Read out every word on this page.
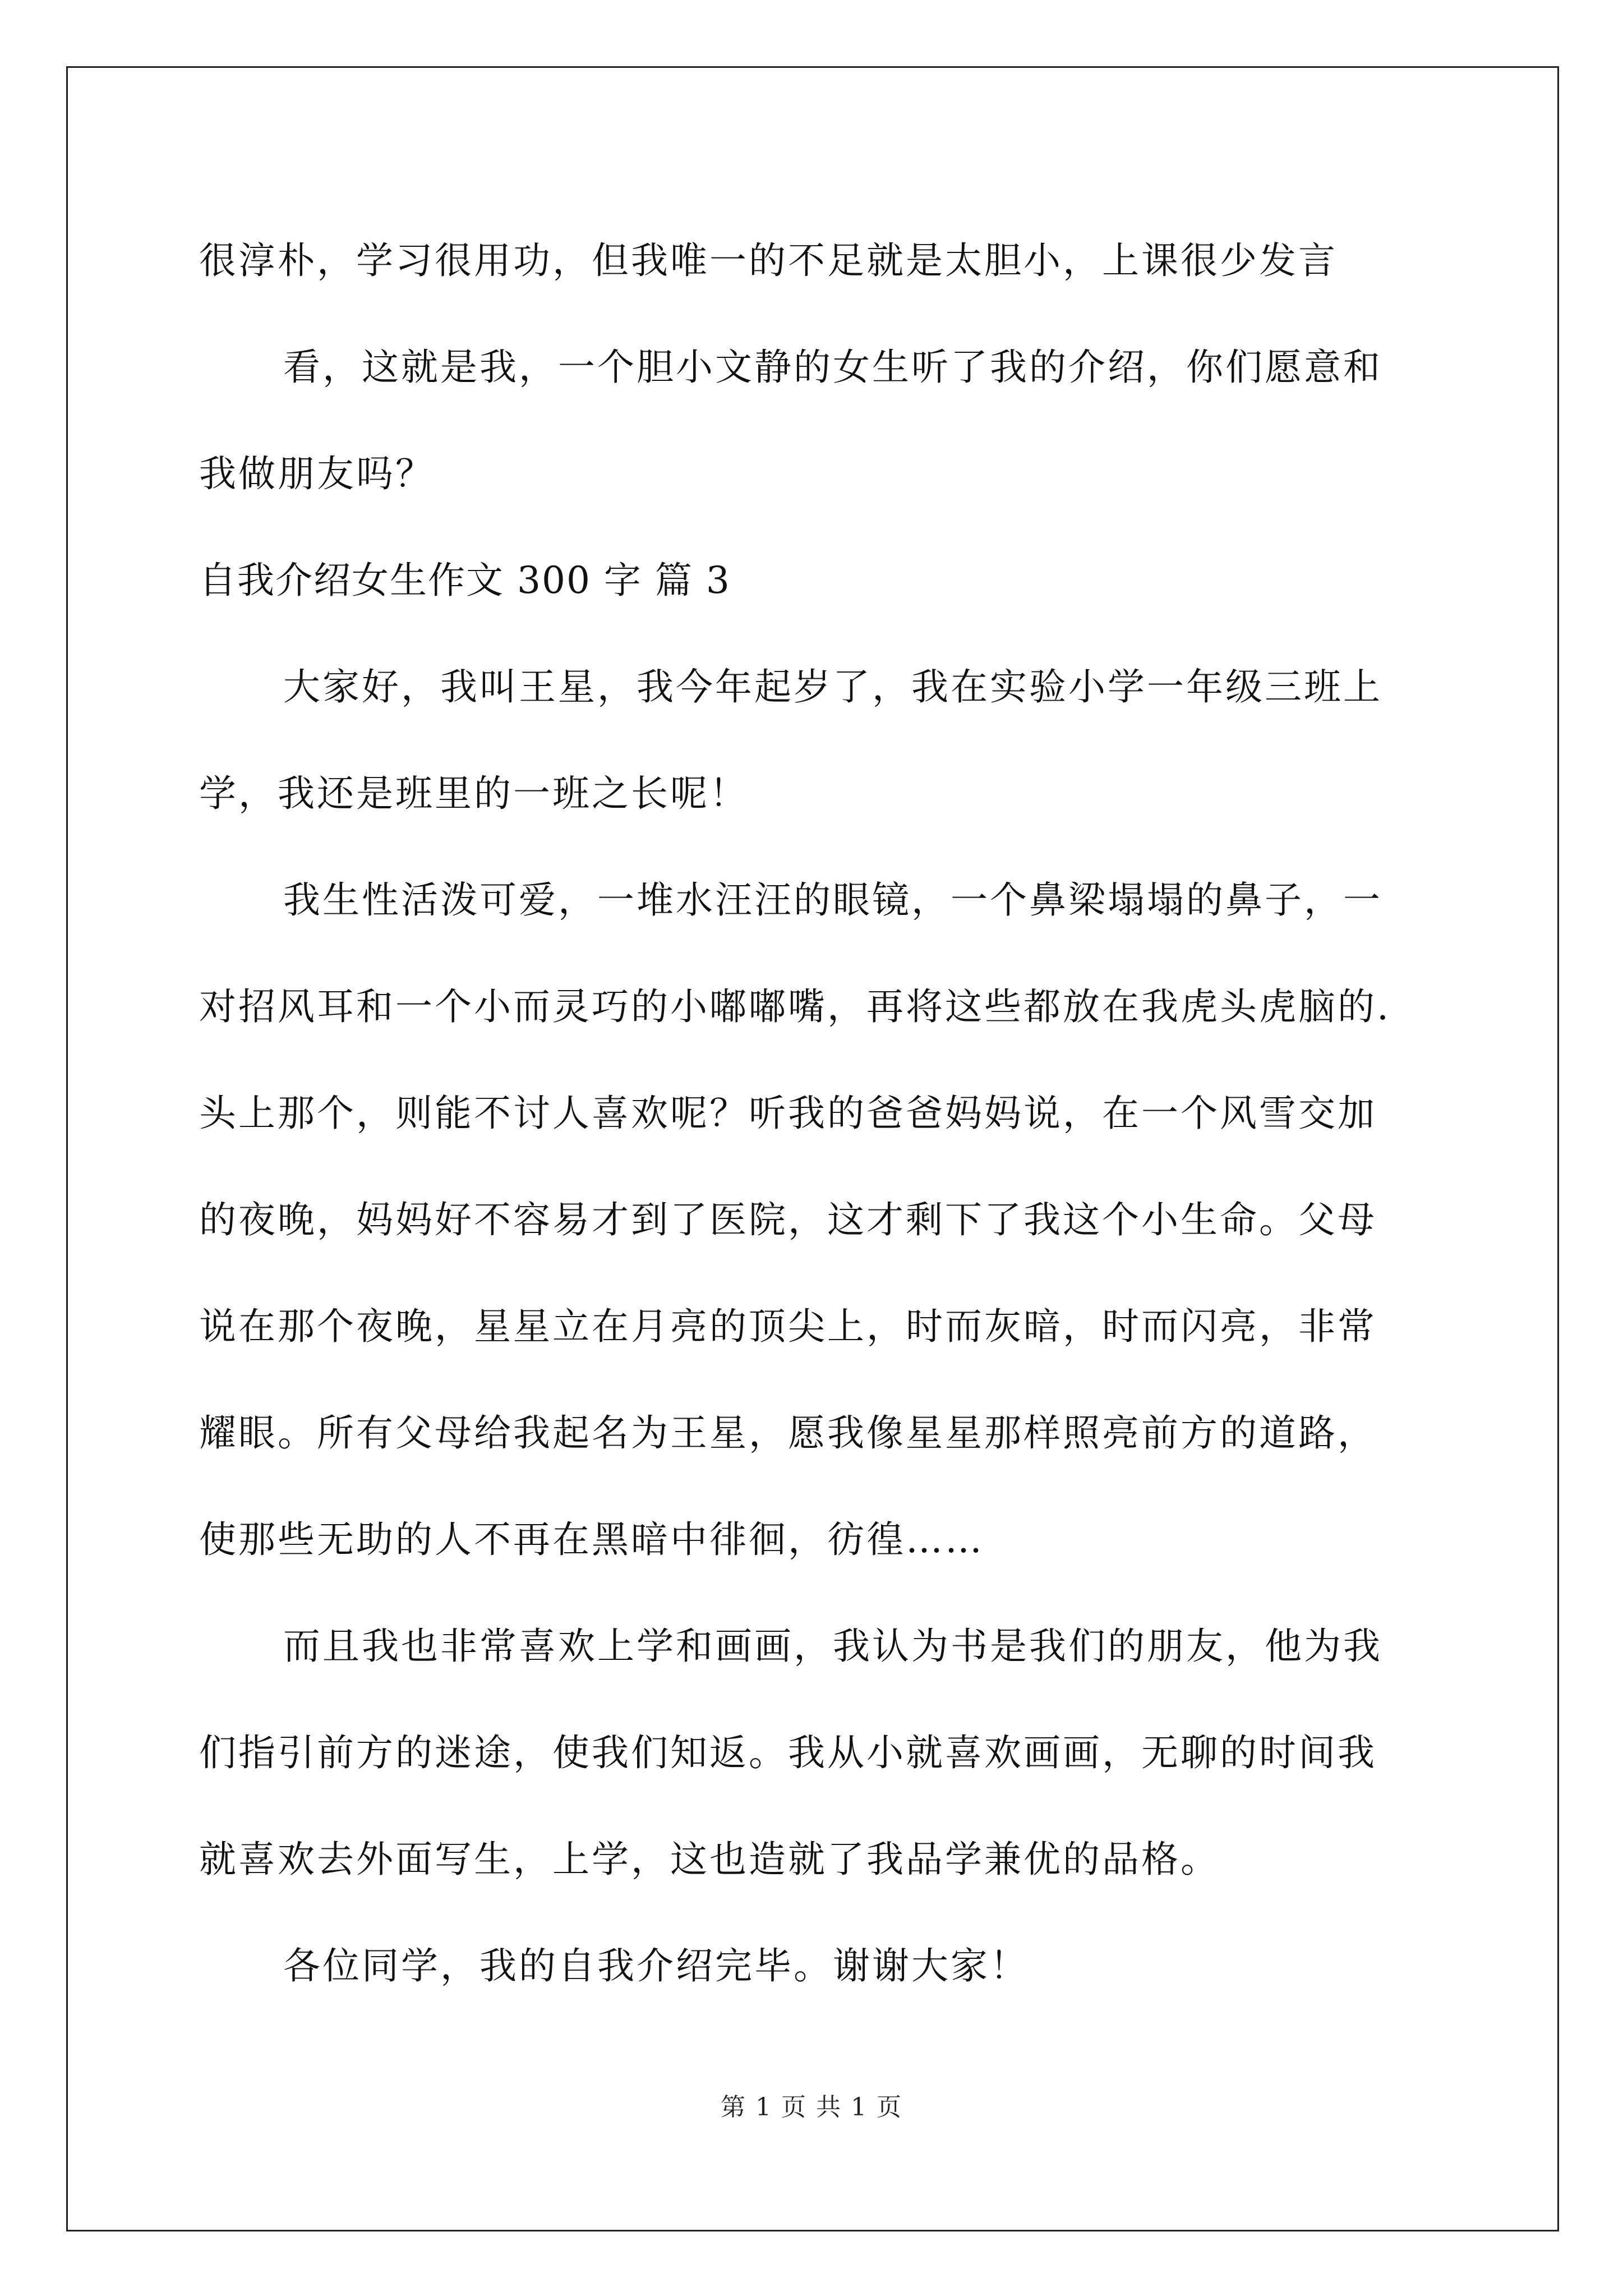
很淳朴，学习很用功，但我唯一的不足就是太胆小，上课很少发言
看，这就是我，一个胆小文静的女生听了我的介绍，你们愿意和
我做朋友吗？
自我介绍女生作文 300 字 篇 3
大家好，我叫王星，我今年起岁了，我在实验小学一年级三班上
学，我还是班里的一班之长呢！
我生性活泼可爱，一堆水汪汪的眼镜，一个鼻梁塌塌的鼻子，一
对招风耳和一个小而灵巧的小嘟嘟嘴，再将这些都放在我虎头虎脑的.
头上那个，则能不讨人喜欢呢？听我的爸爸妈妈说，在一个风雪交加
的夜晚，妈妈好不容易才到了医院，这才剩下了我这个小生命。父母
说在那个夜晚，星星立在月亮的顶尖上，时而灰暗，时而闪亮，非常
耀眼。所有父母给我起名为王星，愿我像星星那样照亮前方的道路，
使那些无助的人不再在黑暗中徘徊，彷徨……
而且我也非常喜欢上学和画画，我认为书是我们的朋友，他为我
们指引前方的迷途，使我们知返。我从小就喜欢画画，无聊的时间我
就喜欢去外面写生，上学，这也造就了我品学兼优的品格。
各位同学，我的自我介绍完毕。谢谢大家！
第 1 页 共 1 页
